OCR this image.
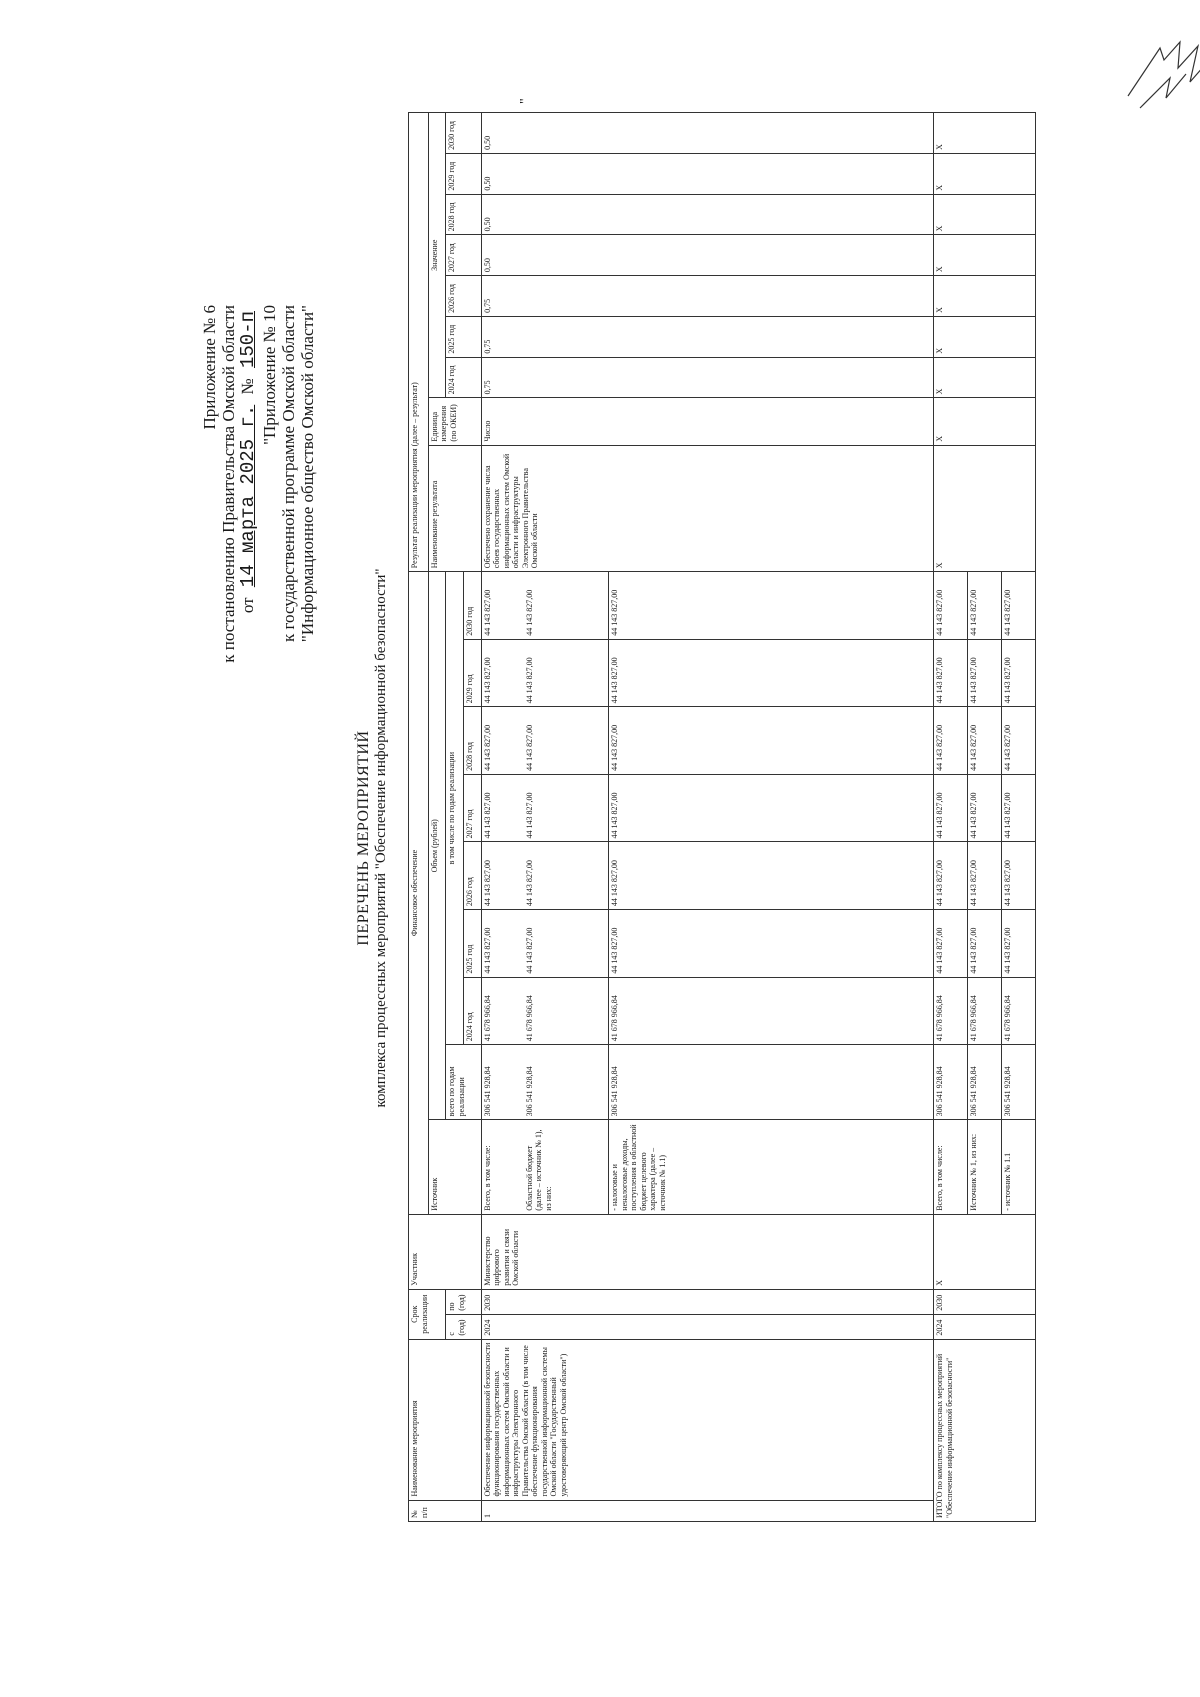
Приложение № 6 к постановлению Правительства Омской области от 14 марта 2025 г. № 150-п "Приложение № 10 к государственной программе Омской области "Информационное общество Омской области"
ПЕРЕЧЕНЬ МЕРОПРИЯТИЙ комплекса процессных мероприятий "Обеспечение информационной безопасности"
№ п/п	Наименование мероприятия	Срок реализации		Участник	Финансовое обеспечение									Результат реализации мероприятия (далее – результат)								
					Источник	Объем (рублей)								Наименование результата	Единица измерения (по ОКЕИ)	Значение						
		с (год)	по (год)			всего по годам реализации	в том числе по годам реализации									2024 год	2025 год	2026 год	2027 год	2028 год	2029 год	2030 год
							2024 год	2025 год	2026 год	2027 год	2028 год	2029 год	2030 год									
1	Обеспечение информационной безопасности функционирования государственных информационных систем Омской области и инфраструктуры Электронного Правительства Омской области (в том числе обеспечение функционирования государственной информационной системы Омской области "Государственный удостоверяющий центр Омской области")	2024	2030	Министерство цифрового развития и связи Омской области	Всего, в том числе:	306 541 928,84	41 678 966,84	44 143 827,00	44 143 827,00	44 143 827,00	44 143 827,00	44 143 827,00	44 143 827,00	Обеспечено сохранение числа сбоев государственных информационных систем Омской области и инфраструктуры Электронного Правительства Омской области	Число	0,75	0,75	0,75	0,50	0,50	0,50	0,50
					Областной бюджет (далее – источник № 1), из них:	306 541 928,84	41 678 966,84	44 143 827,00	44 143 827,00	44 143 827,00	44 143 827,00	44 143 827,00	44 143 827,00									
					- налоговые и неналоговые доходы, поступления в областной бюджет целевого характера (далее – источник № 1.1)	306 541 928,84	41 678 966,84	44 143 827,00	44 143 827,00	44 143 827,00	44 143 827,00	44 143 827,00	44 143 827,00									
ИТОГО по комплексу процессных мероприятий "Обеспечение информационной безопасности"		2024	2030	Х	Всего, в том числе:	306 541 928,84	41 678 966,84	44 143 827,00	44 143 827,00	44 143 827,00	44 143 827,00	44 143 827,00	44 143 827,00	Х	Х	Х	Х	Х	Х	Х	Х	Х
					Источник № 1, из них:	306 541 928,84	41 678 966,84	44 143 827,00	44 143 827,00	44 143 827,00	44 143 827,00	44 143 827,00	44 143 827,00									
					- источник № 1.1	306 541 928,84	41 678 966,84	44 143 827,00	44 143 827,00	44 143 827,00	44 143 827,00	44 143 827,00	44 143 827,00									
"
